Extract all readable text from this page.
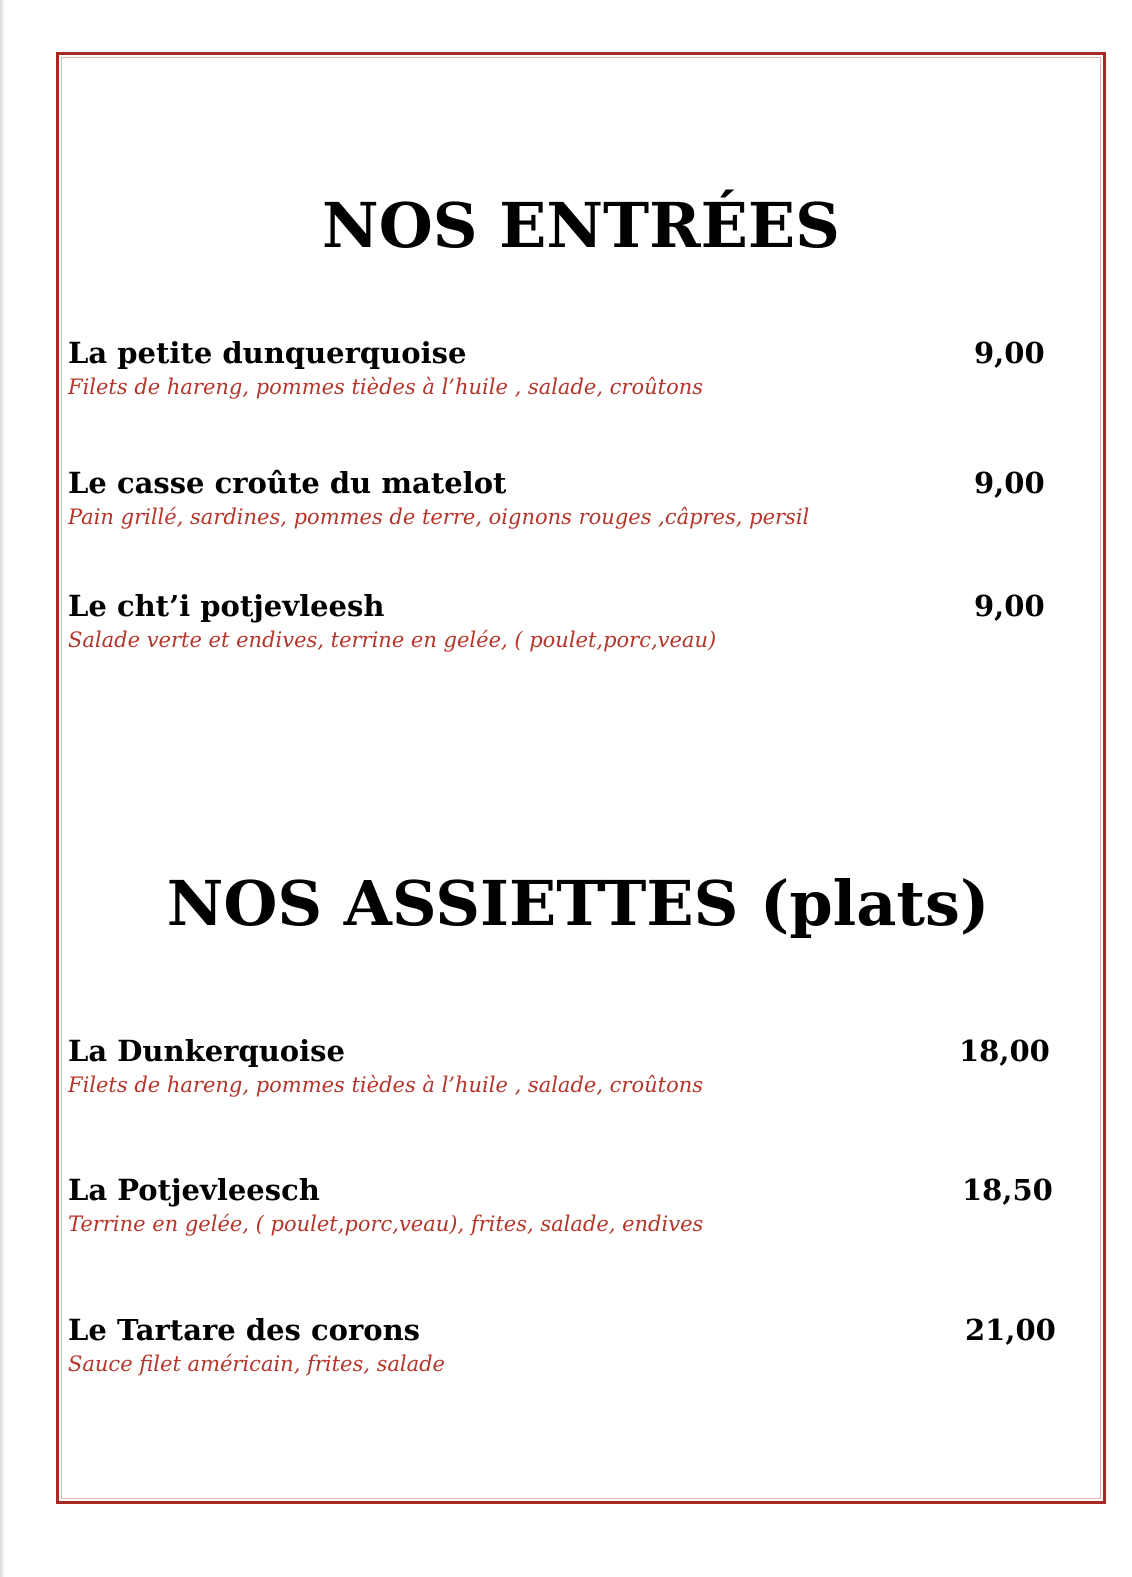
NOS ENTRÉES
La petite dunquerquoise	9,00
Filets de hareng, pommes tièdes à l’huile , salade, croûtons
Le casse croûte du matelot	9,00
Pain grillé, sardines, pommes de terre, oignons rouges ,câpres, persil
Le cht’i potjevleesh	9,00
Salade verte et endives, terrine en gelée, ( poulet,porc,veau)
NOS ASSIETTES (plats)
La Dunkerquoise	18,00
Filets de hareng, pommes tièdes à l’huile , salade, croûtons
La Potjevleesch	18,50
Terrine en gelée, ( poulet,porc,veau), frites, salade, endives
Le Tartare des corons	21,00
Sauce filet américain, frites, salade
